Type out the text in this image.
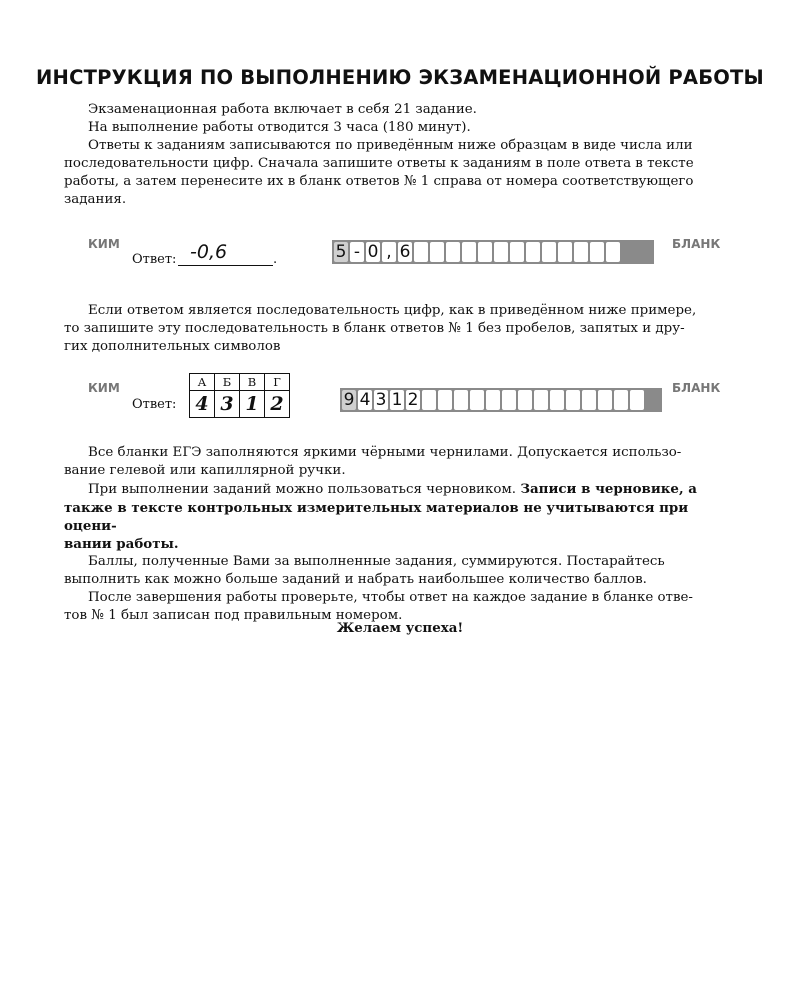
ИНСТРУКЦИЯ ПО ВЫПОЛНЕНИЮ ЭКЗАМЕНАЦИОННОЙ РАБОТЫ

Экзаменационная работа включает в себя 21 задание.

На выполнение работы отводится 3 часа (180 минут).

Ответы к заданиям записываются по приведённым ниже образцам в виде числа или

последовательности цифр. Сначала запишите ответы к заданиям в поле ответа в тексте

работы, а затем перенесите их в бланк ответов № 1 справа от номера соответствующего

задания.

КИМ
Ответ:	.
-0,6	5 - 0 , 6	БЛАНК

Если ответом является последовательность цифр, как в приведённом ниже примере,

то запишите эту последовательность в бланк ответов № 1 без пробелов, запятых и дру-

гих дополнительных символов

КИМ
Ответ:
А	Б	В	Г
4	3	1	2	9 4 3 1 2
БЛАНК

Все бланки ЕГЭ заполняются яркими чёрными чернилами. Допускается использо-

вание гелевой или капиллярной ручки.

При выполнении заданий можно пользоваться черновиком. Записи в черновике, а

также в тексте контрольных измерительных материалов не учитываются при оцени-

вании работы.

Баллы, полученные Вами за выполненные задания, суммируются. Постарайтесь

выполнить как можно больше заданий и набрать наибольшее количество баллов.

После завершения работы проверьте, чтобы ответ на каждое задание в бланке отве-

тов № 1 был записан под правильным номером.

Желаем успеха!
